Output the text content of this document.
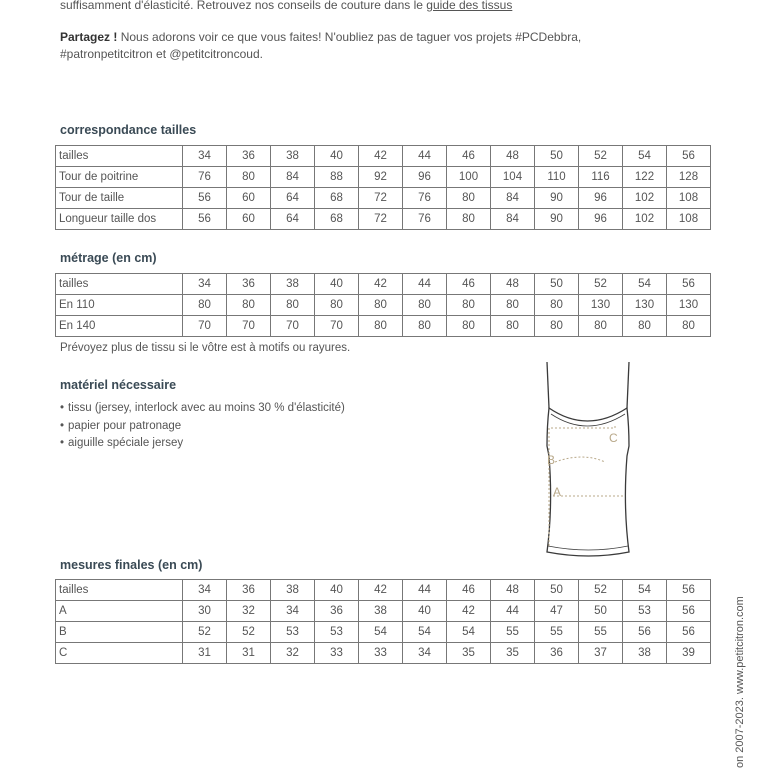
suffisamment d'élasticité. Retrouvez nos conseils de couture dans le guide des tissus
Partagez ! Nous adorons voir ce que vous faites! N'oubliez pas de taguer vos projets #PCDebbra,
#patronpetitcitron et @petitcitroncoud.
correspondance tailles
tailles	34	36	38	40	42	44	46	48	50	52	54	56
Tour de poitrine	76	80	84	88	92	96	100	104	110	116	122	128
Tour de taille	56	60	64	68	72	76	80	84	90	96	102	108
Longueur taille dos	56	60	64	68	72	76	80	84	90	96	102	108
métrage (en cm)
tailles	34	36	38	40	42	44	46	48	50	52	54	56
En 110	80	80	80	80	80	80	80	80	80	130	130	130
En 140	70	70	70	70	80	80	80	80	80	80	80	80
Prévoyez plus de tissu si le vôtre est à motifs ou rayures.
matériel nécessaire
• tissu (jersey, interlock avec au moins 30 % d'élasticité)
• papier pour patronage
• aiguille spéciale jersey	C
B
A
mesures finales (en cm)
tailles	34	36	38	40	42	44	46	48	50	52	54	56
A	30	32	34	36	38	40	42	44	47	50	53	56
B	52	52	53	53	54	54	54	55	55	55	56	56
C	31	31	32	33	33	34	35	35	36	37	38	39	on 2007-2023. www.petitcitron.com
